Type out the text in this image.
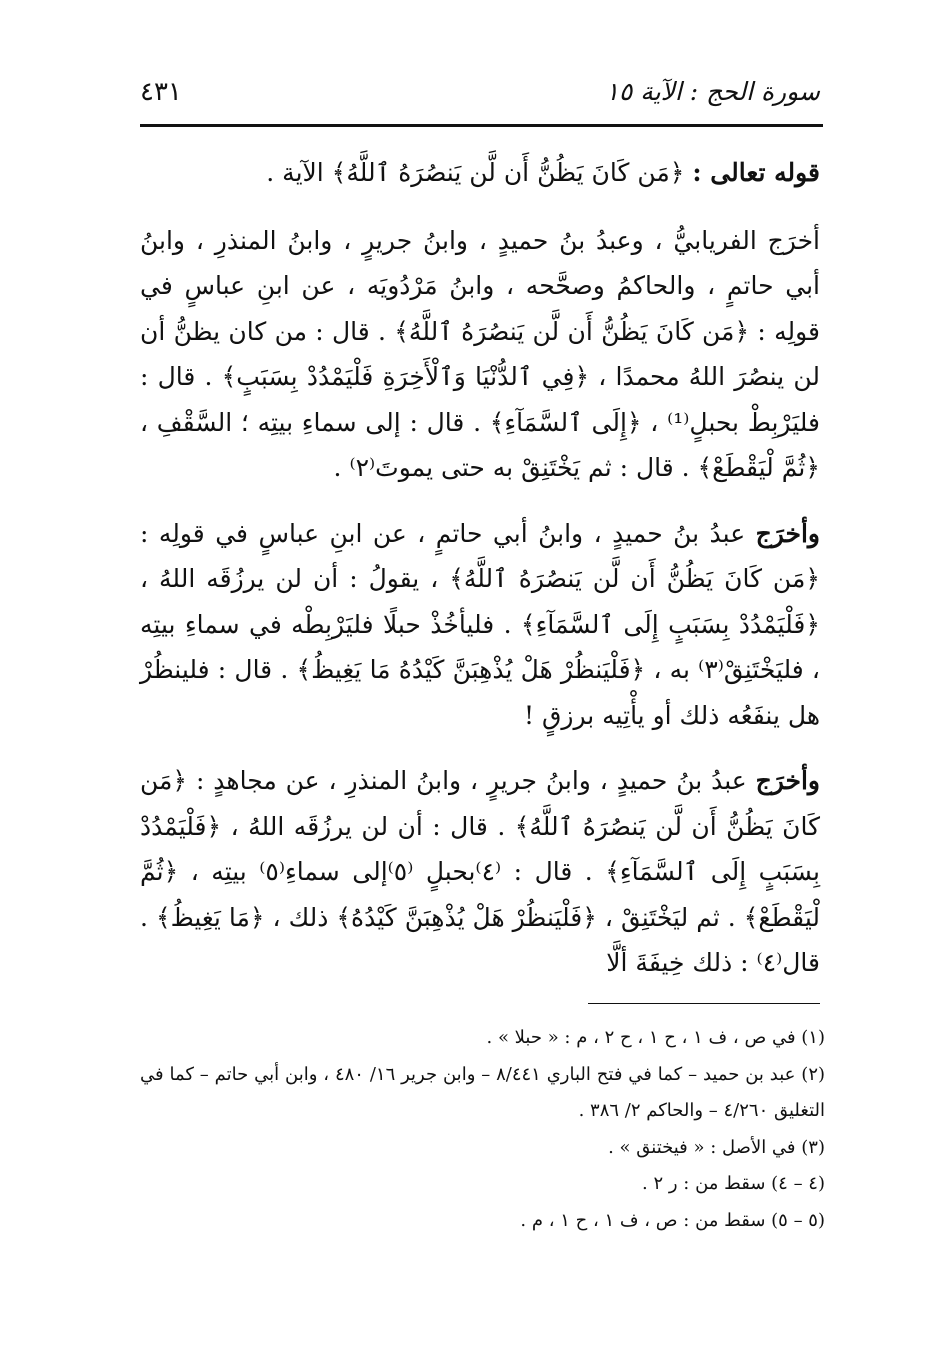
سورة الحج : الآية ١٥
٤٣١

قوله تعالى : ﴿مَن كَانَ يَظُنُّ أَن لَّن يَنصُرَهُ ٱللَّهُ﴾ الآية .

أخرَج الفريابيُّ ، وعبدُ بنُ حميدٍ ، وابنُ جريرٍ ، وابنُ المنذرِ ، وابنُ أبي حاتمٍ ، والحاكمُ وصحَّحه ، وابنُ مَرْدُويَه ، عن ابنِ عباسٍ في قولِه : ﴿مَن كَانَ يَظُنُّ أَن لَّن يَنصُرَهُ ٱللَّهُ﴾ . قال : من كان يظنُّ أن لن ينصُرَ اللهُ محمدًا ، ﴿فِي ٱلدُّنْيَا وَٱلْأَخِرَةِ فَلْيَمْدُدْ بِسَبَبٍ﴾ . قال : فليَرْبِطْ بحبلٍ⁽¹⁾ ، ﴿إِلَى ٱلسَّمَآءِ﴾ . قال : إلى سماءِ بيتِه ؛ السَّقْفِ ، ﴿ثُمَّ لْيَقْطَعْ﴾ . قال : ثم يَخْتَنِقْ به حتى يموتَ⁽٢⁾ .

وأخرَج عبدُ بنُ حميدٍ ، وابنُ أبي حاتمٍ ، عن ابنِ عباسٍ في قولِه : ﴿مَن كَانَ يَظُنُّ أَن لَّن يَنصُرَهُ ٱللَّهُ﴾ ، يقولُ : أن لن يرزُقَه اللهُ ، ﴿فَلْيَمْدُدْ بِسَبَبٍ إِلَى ٱلسَّمَآءِ﴾ . فليأخُذْ حبلًا فليَرْبِطْه في سماءِ بيتِه ، فليَخْتَنِقْ⁽٣⁾ به ، ﴿فَلْيَنظُرْ هَلْ يُذْهِبَنَّ كَيْدُهُ مَا يَغِيظُ﴾ . قال : فلينظُرْ هل ينفَعُه ذلك أو يأْتِيه برزقٍ !

وأخرَج عبدُ بنُ حميدٍ ، وابنُ جريرٍ ، وابنُ المنذرِ ، عن مجاهدٍ : ﴿مَن كَانَ يَظُنُّ أَن لَّن يَنصُرَهُ ٱللَّهُ﴾ . قال : أن لن يرزُقَه اللهُ ، ﴿فَلْيَمْدُدْ بِسَبَبٍ إِلَى ٱلسَّمَآءِ﴾ . قال : ⁽٤⁾بحبلٍ ⁽٥⁾إلى سماءِ⁽٥⁾ بيتِه ، ﴿ثُمَّ لْيَقْطَعْ﴾ . ثم ليَخْتَنِقْ ، ﴿فَلْيَنظُرْ هَلْ يُذْهِبَنَّ كَيْدُهُ﴾ ذلك ، ﴿مَا يَغِيظُ﴾ . قال⁽٤⁾ : ذلك خِيفَةَ ألَّا

(١) في ص ، ف ١ ، ح ١ ، ح ٢ ، م : « حبلا » .

(٢) عبد بن حميد – كما في فتح الباري ٨/٤٤١ – وابن جرير ١٦/ ٤٨٠ ، وابن أبي حاتم – كما في التغليق ٤/٢٦٠ – والحاكم ٢/ ٣٨٦ .

(٣) في الأصل : « فيختنق » .

(٤ – ٤) سقط من : ر ٢ .

(٥ – ٥) سقط من : ص ، ف ١ ، ح ١ ، م .
